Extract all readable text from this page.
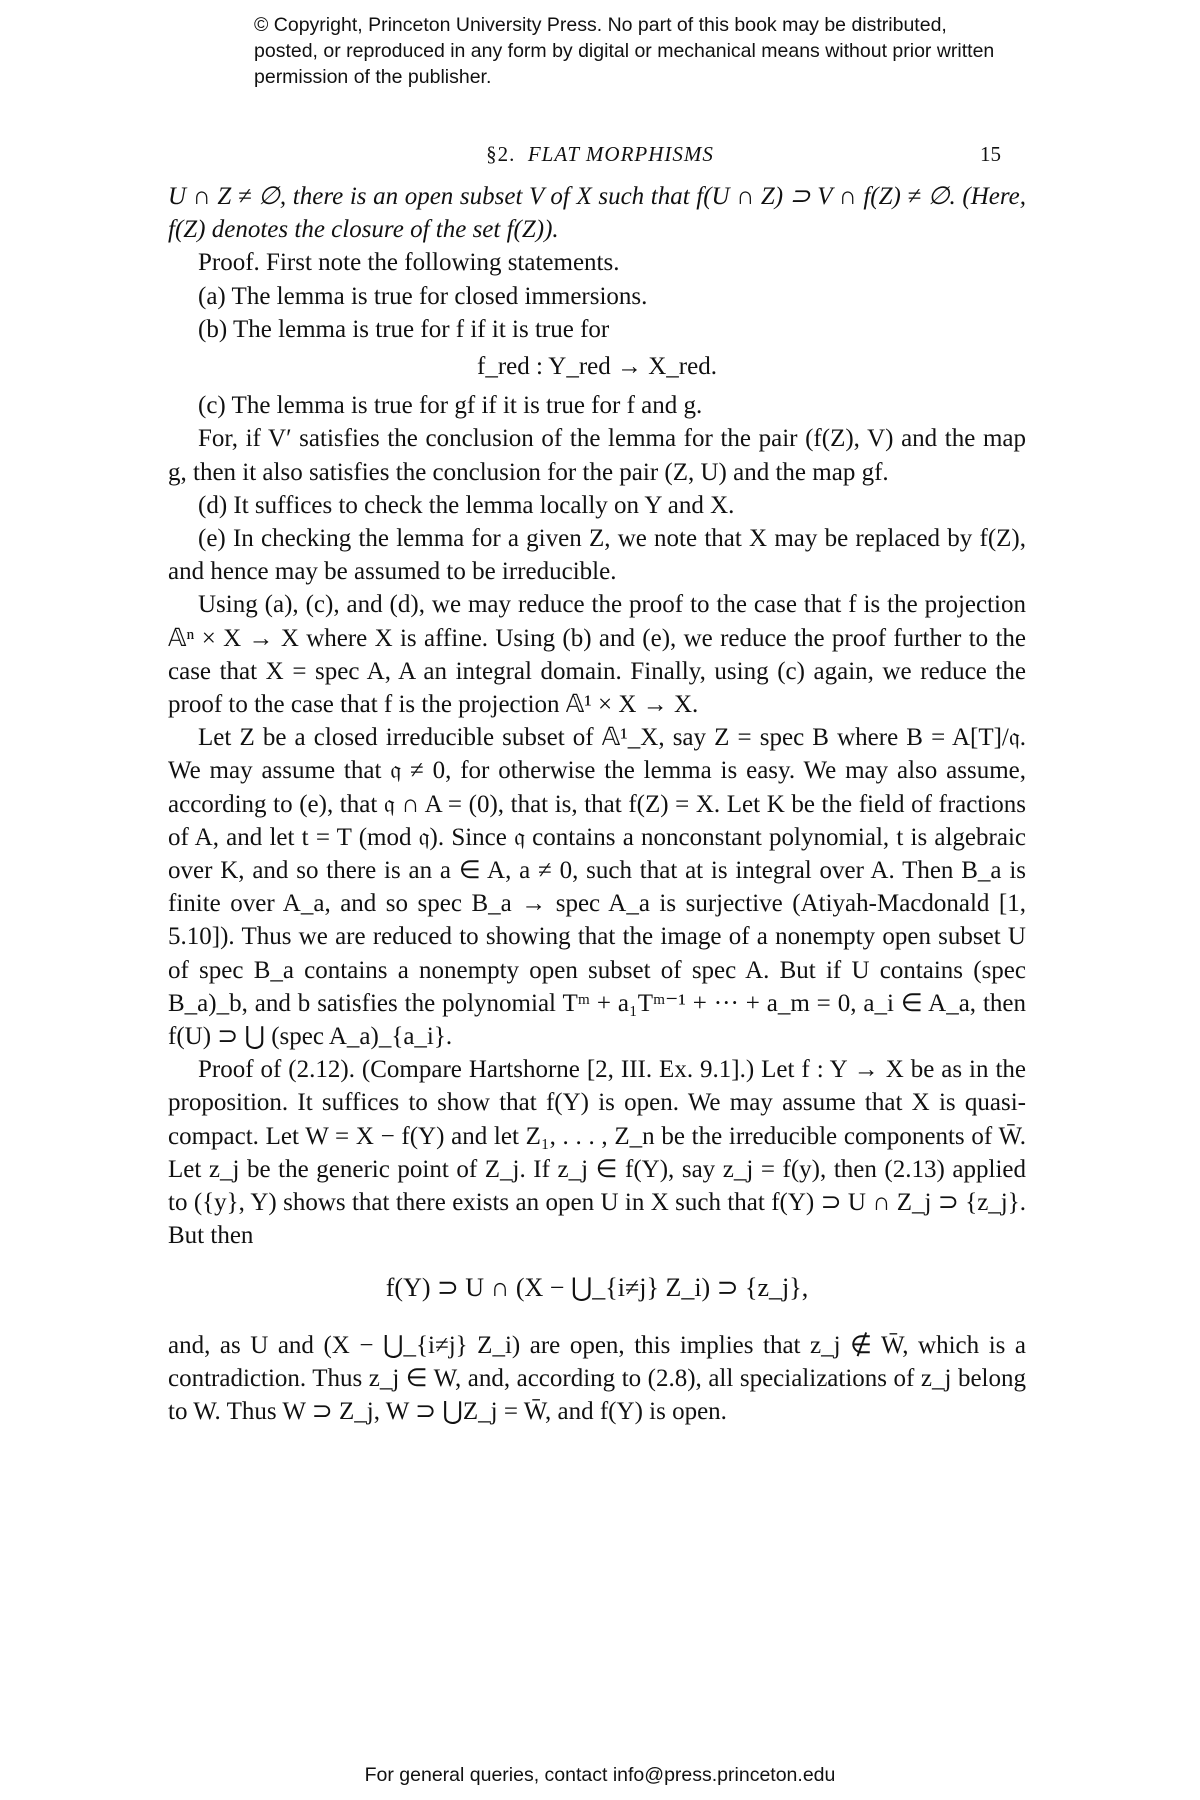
© Copyright, Princeton University Press. No part of this book may be distributed, posted, or reproduced in any form by digital or mechanical means without prior written permission of the publisher.
§2. FLAT MORPHISMS	15

U ∩ Z ≠ ∅, there is an open subset V of X such that f(U ∩ Z) ⊃ V ∩ f(Z) ≠ ∅. (Here, f(Z) denotes the closure of the set f(Z)).

Proof. First note the following statements.

(a) The lemma is true for closed immersions.

(b) The lemma is true for f if it is true for

f_red : Y_red → X_red.

(c) The lemma is true for gf if it is true for f and g.

For, if V′ satisfies the conclusion of the lemma for the pair (f(Z), V) and the map g, then it also satisfies the conclusion for the pair (Z, U) and the map gf.

(d) It suffices to check the lemma locally on Y and X.

(e) In checking the lemma for a given Z, we note that X may be replaced by f(Z), and hence may be assumed to be irreducible.

Using (a), (c), and (d), we may reduce the proof to the case that f is the projection 𝔸ⁿ × X → X where X is affine. Using (b) and (e), we reduce the proof further to the case that X = spec A, A an integral domain. Finally, using (c) again, we reduce the proof to the case that f is the projection 𝔸¹ × X → X.

Let Z be a closed irreducible subset of 𝔸¹_X, say Z = spec B where B = A[T]/𝔮. We may assume that 𝔮 ≠ 0, for otherwise the lemma is easy. We may also assume, according to (e), that 𝔮 ∩ A = (0), that is, that f(Z) = X. Let K be the field of fractions of A, and let t = T (mod 𝔮). Since 𝔮 contains a nonconstant polynomial, t is algebraic over K, and so there is an a ∈ A, a ≠ 0, such that at is integral over A. Then B_a is finite over A_a, and so spec B_a → spec A_a is surjective (Atiyah-Macdonald [1, 5.10]). Thus we are reduced to showing that the image of a nonempty open subset U of spec B_a contains a nonempty open subset of spec A. But if U contains (spec B_a)_b, and b satisfies the polynomial Tᵐ + a₁Tᵐ⁻¹ + ··· + a_m = 0, a_i ∈ A_a, then f(U) ⊃ ⋃ (spec A_a)_{a_i}.

Proof of (2.12). (Compare Hartshorne [2, III. Ex. 9.1].) Let f : Y → X be as in the proposition. It suffices to show that f(Y) is open. We may assume that X is quasi-compact. Let W = X − f(Y) and let Z₁, . . . , Z_n be the irreducible components of W̄. Let z_j be the generic point of Z_j. If z_j ∈ f(Y), say z_j = f(y), then (2.13) applied to ({y}, Y) shows that there exists an open U in X such that f(Y) ⊃ U ∩ Z_j ⊃ {z_j}. But then

f(Y) ⊃ U ∩ (X − ⋃_{i≠j} Z_i) ⊃ {z_j},

and, as U and (X − ⋃_{i≠j} Z_i) are open, this implies that z_j ∉ W̄, which is a contradiction. Thus z_j ∈ W, and, according to (2.8), all specializations of z_j belong to W. Thus W ⊃ Z_j, W ⊃ ⋃Z_j = W̄, and f(Y) is open.

For general queries, contact info@press.princeton.edu
